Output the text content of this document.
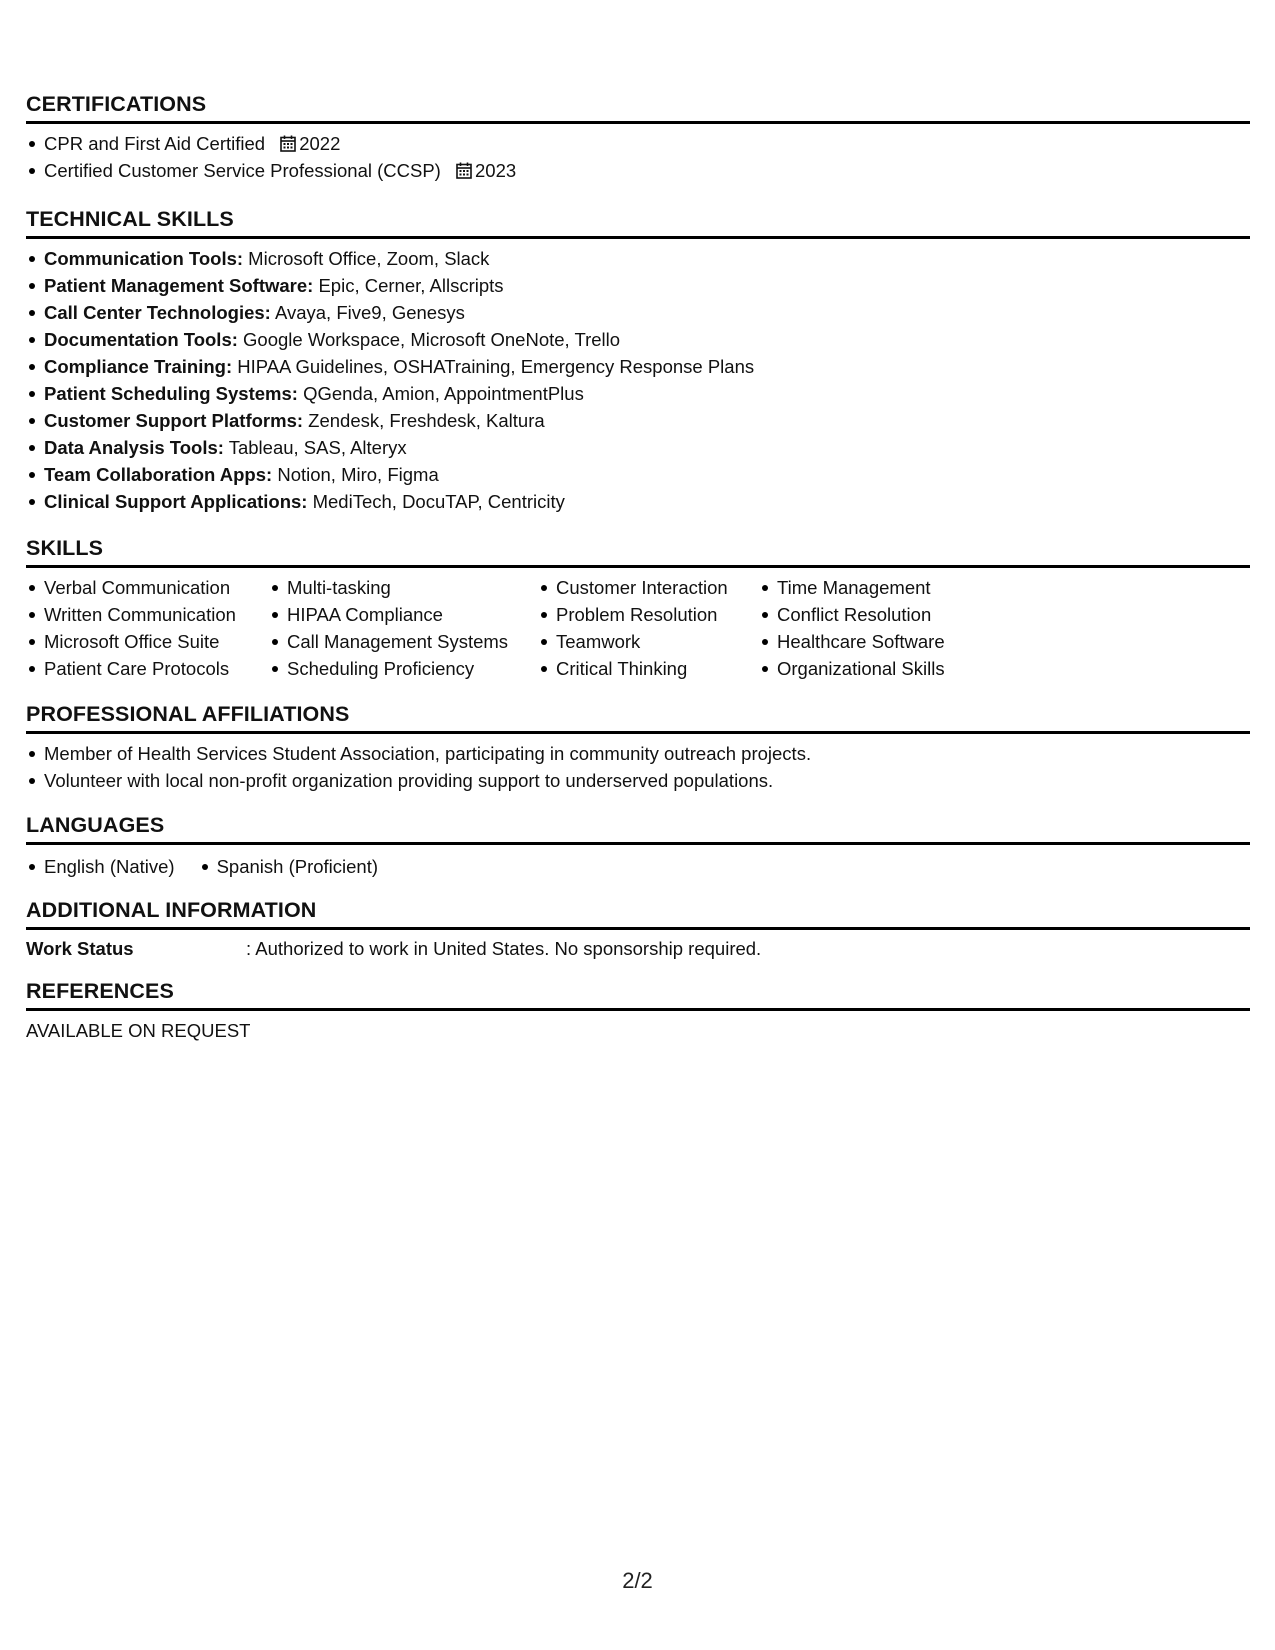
CERTIFICATIONS
CPR and First Aid Certified 2022
Certified Customer Service Professional (CCSP) 2023
TECHNICAL SKILLS
Communication Tools: Microsoft Office, Zoom, Slack
Patient Management Software: Epic, Cerner, Allscripts
Call Center Technologies: Avaya, Five9, Genesys
Documentation Tools: Google Workspace, Microsoft OneNote, Trello
Compliance Training: HIPAA Guidelines, OSHATraining, Emergency Response Plans
Patient Scheduling Systems: QGenda, Amion, AppointmentPlus
Customer Support Platforms: Zendesk, Freshdesk, Kaltura
Data Analysis Tools: Tableau, SAS, Alteryx
Team Collaboration Apps: Notion, Miro, Figma
Clinical Support Applications: MediTech, DocuTAP, Centricity
SKILLS
Verbal Communication
Written Communication
Microsoft Office Suite
Patient Care Protocols
Multi-tasking
HIPAA Compliance
Call Management Systems
Scheduling Proficiency
Customer Interaction
Problem Resolution
Teamwork
Critical Thinking
Time Management
Conflict Resolution
Healthcare Software
Organizational Skills
PROFESSIONAL AFFILIATIONS
Member of Health Services Student Association, participating in community outreach projects.
Volunteer with local non-profit organization providing support to underserved populations.
LANGUAGES
English (Native)	Spanish (Proficient)
ADDITIONAL INFORMATION
Work Status	: Authorized to work in United States. No sponsorship required.
REFERENCES
AVAILABLE ON REQUEST
2/2
